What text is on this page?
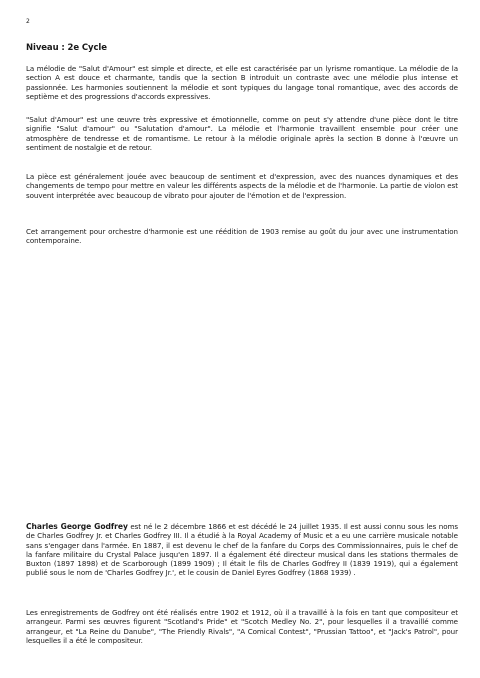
2
Niveau : 2e Cycle

La mélodie de "Salut d'Amour" est simple et directe, et elle est caractérisée par un lyrisme romantique. La mélodie de la section A est douce et charmante, tandis que la section B introduit un contraste avec une mélodie plus intense et passionnée. Les harmonies soutiennent la mélodie et sont typiques du langage tonal romantique, avec des accords de septième et des progressions d'accords expressives.

"Salut d'Amour" est une œuvre très expressive et émotionnelle, comme on peut s'y attendre d'une pièce dont le titre signifie "Salut d'amour" ou "Salutation d'amour". La mélodie et l'harmonie travaillent ensemble pour créer une atmosphère de tendresse et de romantisme. Le retour à la mélodie originale après la section B donne à l'œuvre un sentiment de nostalgie et de retour.

La pièce est généralement jouée avec beaucoup de sentiment et d'expression, avec des nuances dynamiques et des changements de tempo pour mettre en valeur les différents aspects de la mélodie et de l'harmonie. La partie de violon est souvent interprétée avec beaucoup de vibrato pour ajouter de l'émotion et de l'expression.

Cet arrangement pour orchestre d'harmonie est une réédition de 1903 remise au goût du jour avec une instrumentation contemporaine.

Charles George Godfrey est né le 2 décembre 1866 et est décédé le 24 juillet 1935. Il est aussi connu sous les noms de Charles Godfrey Jr. et Charles Godfrey III. Il a étudié à la Royal Academy of Music et a eu une carrière musicale notable sans s'engager dans l'armée. En 1887, il est devenu le chef de la fanfare du Corps des Commissionnaires, puis le chef de la fanfare militaire du Crystal Palace jusqu'en 1897. Il a également été directeur musical dans les stations thermales de Buxton (1897 1898) et de Scarborough (1899 1909) ; Il était le fils de Charles Godfrey II (1839 1919), qui a également publié sous le nom de 'Charles Godfrey Jr.', et le cousin de Daniel Eyres Godfrey (1868 1939) .

Les enregistrements de Godfrey ont été réalisés entre 1902 et 1912, où il a travaillé à la fois en tant que compositeur et arrangeur. Parmi ses œuvres figurent "Scotland's Pride" et "Scotch Medley No. 2", pour lesquelles il a travaillé comme arrangeur, et "La Reine du Danube", "The Friendly Rivals", "A Comical Contest", "Prussian Tattoo", et "Jack's Patrol", pour lesquelles il a été le compositeur.
